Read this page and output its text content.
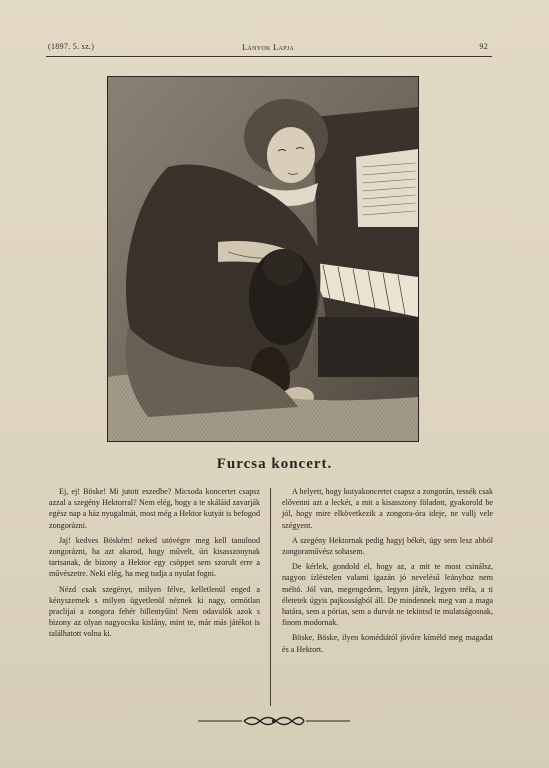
(1897. 5. sz.)	Lányok Lapja	92
Furcsa koncert.

Ej, ej! Böske! Mi jutott eszedbe? Micsoda koncertet csapsz azzal a szegény Hektorral? Nem elég, hogy a te skáláid zavarják egész nap a ház nyugalmát, most még a Hektor kutyát is befogod zongorázni.

Jaj! kedves Böském! neked utóvégre meg kell tanulnod zongorázni, ha azt akarod, hogy művelt, úri kisasszonynak tartsanak, de bizony a Hektor egy csöppet sem szorult erre a művészetre. Neki elég, ha meg tudja a nyulat fogni.

Nézd csak szegényt, milyen félve, kelletlenül enged a kényszernek s milyen ügyetlenül néznek ki nagy, ormótlan praclijai a zongora fehér billentyűin! Nem odavalók azok s bizony az olyan nagyocska kislány, mint te, már más játékot is találhatott volna ki.

A helyett, hogy kutyakoncertet csapsz a zongorán, tessék csak elővenni azt a leckét, a mit a kisasszony föladott, gyakorold be jól, hogy mire elkövetkezik a zongora-óra ideje, ne vallj vele szégyent.

A szegény Hektornak pedig hagyj békét, úgy sem lesz abból zongoraművész sohasem.

De kérlek, gondold el, hogy az, a mit te most csinálsz, nagyon ízléstelen valami igazán jó nevelésű leányhoz nem méltó. Jól van, megengedem, legyen játék, legyen tréfa, a ti életetek úgyis pajkosságból áll. De mindennek meg van a maga határa, sem a pórias, sem a durvát ne tekintsd te mulatságosnak, finom modornak.

Böske, Böske, ilyen komédiától jövőre kíméld meg magadat és a Hektort.
